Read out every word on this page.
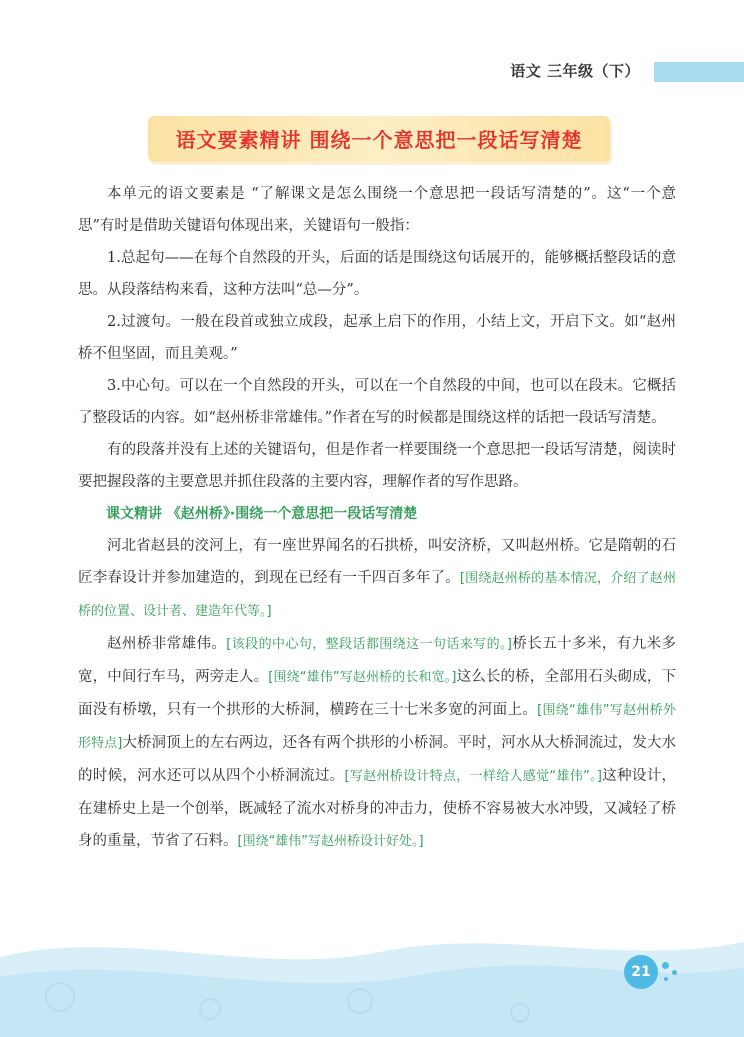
语文 三年级（下）
语文要素精讲 围绕一个意思把一段话写清楚

本单元的语文要素是 “了解课文是怎么围绕一个意思把一段话写清楚的”。这“一个意思”有时是借助关键语句体现出来，关键语句一般指：

1.总起句——在每个自然段的开头，后面的话是围绕这句话展开的，能够概括整段话的意思。从段落结构来看，这种方法叫“总—分”。

2.过渡句。一般在段首或独立成段，起承上启下的作用，小结上文，开启下文。如“赵州桥不但坚固，而且美观。”

3.中心句。可以在一个自然段的开头，可以在一个自然段的中间，也可以在段末。它概括了整段话的内容。如“赵州桥非常雄伟。”作者在写的时候都是围绕这样的话把一段话写清楚。

有的段落并没有上述的关键语句，但是作者一样要围绕一个意思把一段话写清楚，阅读时要把握段落的主要意思并抓住段落的主要内容，理解作者的写作思路。

课文精讲 《赵州桥》·围绕一个意思把一段话写清楚

河北省赵县的洨河上，有一座世界闻名的石拱桥，叫安济桥，又叫赵州桥。它是隋朝的石匠李春设计并参加建造的，到现在已经有一千四百多年了。[围绕赵州桥的基本情况，介绍了赵州桥的位置、设计者、建造年代等。]

赵州桥非常雄伟。[该段的中心句，整段话都围绕这一句话来写的。]桥长五十多米，有九米多宽，中间行车马，两旁走人。[围绕“雄伟”写赵州桥的长和宽。]这么长的桥，全部用石头砌成，下面没有桥墩，只有一个拱形的大桥洞，横跨在三十七米多宽的河面上。[围绕“雄伟”写赵州桥外形特点]大桥洞顶上的左右两边，还各有两个拱形的小桥洞。平时，河水从大桥洞流过，发大水的时候，河水还可以从四个小桥洞流过。[写赵州桥设计特点，一样给人感觉“雄伟”。]这种设计，在建桥史上是一个创举，既减轻了流水对桥身的冲击力，使桥不容易被大水冲毁，又减轻了桥身的重量，节省了石料。[围绕“雄伟”写赵州桥设计好处。]

21
